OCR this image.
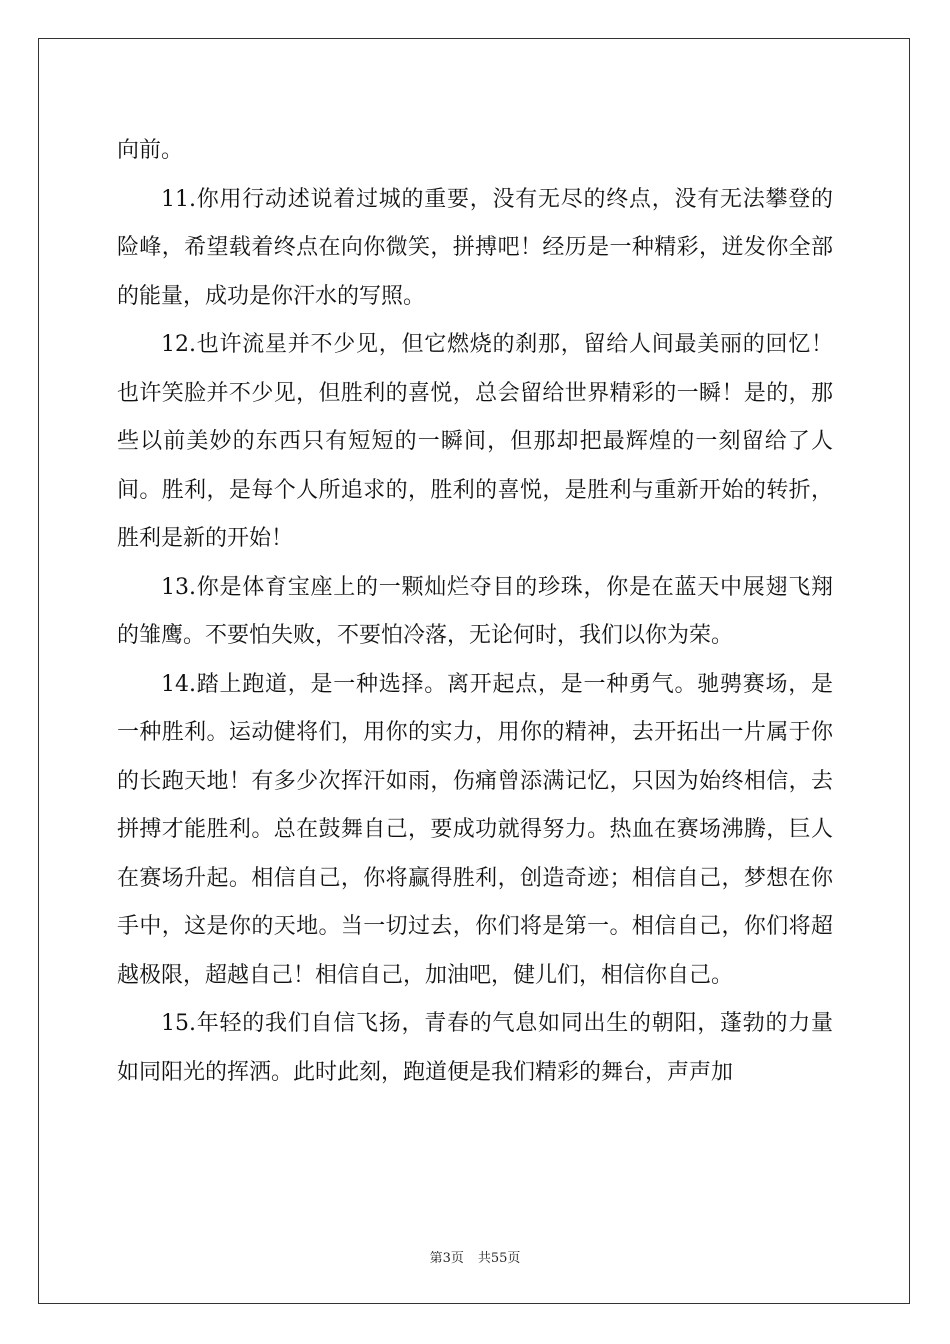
向前。

11.你用行动述说着过城的重要，没有无尽的终点，没有无法攀登的险峰，希望载着终点在向你微笑，拼搏吧！经历是一种精彩，迸发你全部的能量，成功是你汗水的写照。

12.也许流星并不少见，但它燃烧的刹那，留给人间最美丽的回忆！也许笑脸并不少见，但胜利的喜悦，总会留给世界精彩的一瞬！是的，那些以前美妙的东西只有短短的一瞬间，但那却把最辉煌的一刻留给了人间。胜利，是每个人所追求的，胜利的喜悦，是胜利与重新开始的转折，胜利是新的开始！

13.你是体育宝座上的一颗灿烂夺目的珍珠，你是在蓝天中展翅飞翔的雏鹰。不要怕失败，不要怕冷落，无论何时，我们以你为荣。

14.踏上跑道，是一种选择。离开起点，是一种勇气。驰骋赛场，是一种胜利。运动健将们，用你的实力，用你的精神，去开拓出一片属于你的长跑天地！有多少次挥汗如雨，伤痛曾添满记忆，只因为始终相信，去拼搏才能胜利。总在鼓舞自己，要成功就得努力。热血在赛场沸腾，巨人在赛场升起。相信自己，你将赢得胜利，创造奇迹；相信自己，梦想在你手中，这是你的天地。当一切过去，你们将是第一。相信自己，你们将超越极限，超越自己！相信自己，加油吧，健儿们，相信你自己。

15.年轻的我们自信飞扬，青春的气息如同出生的朝阳，蓬勃的力量如同阳光的挥洒。此时此刻，跑道便是我们精彩的舞台，声声加

第3页 共55页
